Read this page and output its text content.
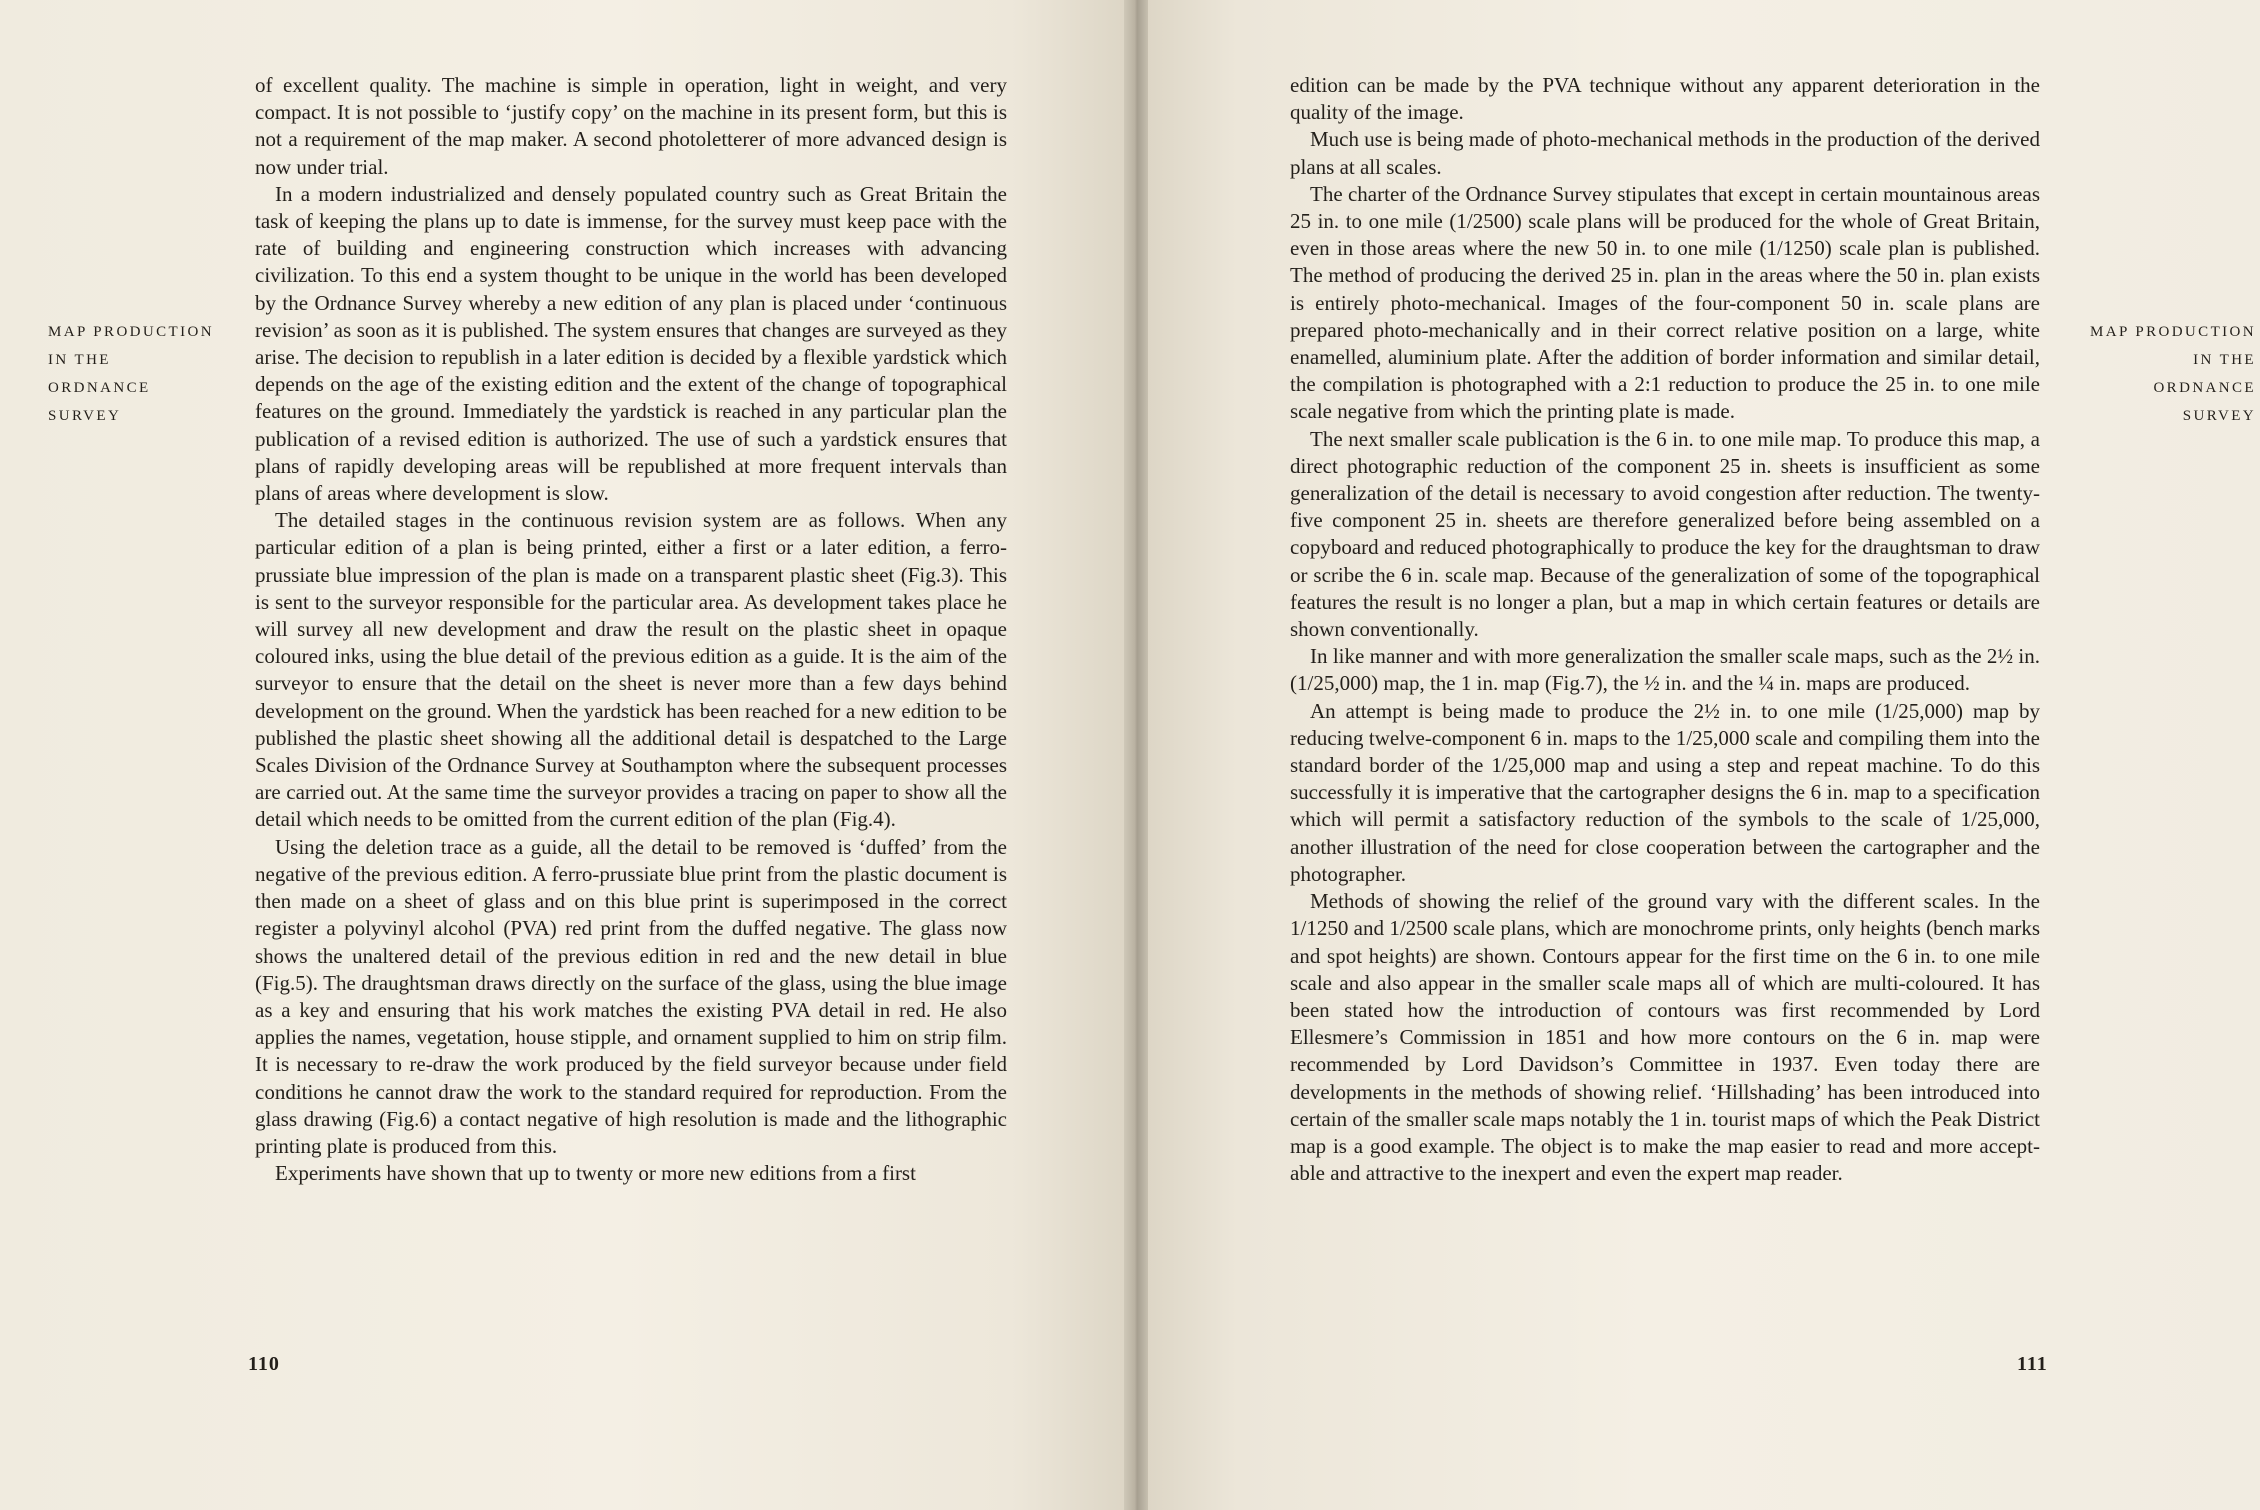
MAP PRODUCTION
IN THE
ORDNANCE
SURVEY

of excellent quality. The machine is simple in operation, light in weight, and very compact. It is not possible to ‘justify copy’ on the machine in its present form, but this is not a requirement of the map maker. A second photoletterer of more advanced design is now under trial.

In a modern industrialized and densely populated country such as Great Britain the task of keeping the plans up to date is immense, for the survey must keep pace with the rate of building and engineering construction which increases with advancing civilization. To this end a system thought to be unique in the world has been developed by the Ordnance Survey whereby a new edition of any plan is placed under ‘continuous revision’ as soon as it is published. The system ensures that changes are surveyed as they arise. The decision to republish in a later edition is decided by a flexible yardstick which depends on the age of the existing edition and the extent of the change of topographical features on the ground. Immediately the yardstick is reached in any particular plan the publication of a revised edition is authorized. The use of such a yardstick ensures that plans of rapidly developing areas will be republished at more frequent intervals than plans of areas where development is slow.

The detailed stages in the continuous revision system are as follows. When any particular edition of a plan is being printed, either a first or a later edition, a ferro-prussiate blue impression of the plan is made on a transparent plastic sheet (Fig.3). This is sent to the surveyor responsible for the particular area. As development takes place he will survey all new development and draw the result on the plastic sheet in opaque coloured inks, using the blue detail of the previous edition as a guide. It is the aim of the surveyor to ensure that the detail on the sheet is never more than a few days behind development on the ground. When the yardstick has been reached for a new edition to be published the plastic sheet showing all the additional detail is despatched to the Large Scales Division of the Ordnance Survey at Southampton where the subsequent processes are carried out. At the same time the surveyor provides a tracing on paper to show all the detail which needs to be omitted from the current edition of the plan (Fig.4).

Using the deletion trace as a guide, all the detail to be removed is ‘duffed’ from the negative of the previous edition. A ferro-prussiate blue print from the plastic document is then made on a sheet of glass and on this blue print is superimposed in the correct register a polyvinyl alcohol (PVA) red print from the duffed negative. The glass now shows the unaltered detail of the previous edition in red and the new detail in blue (Fig.5). The draughtsman draws directly on the surface of the glass, using the blue image as a key and ensuring that his work matches the existing PVA detail in red. He also applies the names, vegetation, house stipple, and ornament supplied to him on strip film. It is necessary to re-draw the work produced by the field surveyor because under field conditions he cannot draw the work to the standard required for reproduction. From the glass drawing (Fig.6) a contact negative of high resolution is made and the lithographic printing plate is produced from this.

Experiments have shown that up to twenty or more new editions from a first

110

edition can be made by the PVA technique without any apparent deterioration in the quality of the image.

Much use is being made of photo-mechanical methods in the production of the derived plans at all scales.

The charter of the Ordnance Survey stipulates that except in certain mountainous areas 25 in. to one mile (1/2500) scale plans will be produced for the whole of Great Britain, even in those areas where the new 50 in. to one mile (1/1250) scale plan is published. The method of producing the derived 25 in. plan in the areas where the 50 in. plan exists is entirely photo-mechanical. Images of the four-component 50 in. scale plans are prepared photo-mechanically and in their correct relative position on a large, white enamelled, aluminium plate. After the addition of border information and similar detail, the compilation is photographed with a 2:1 reduction to produce the 25 in. to one mile scale negative from which the printing plate is made.

The next smaller scale publication is the 6 in. to one mile map. To produce this map, a direct photographic reduction of the component 25 in. sheets is insufficient as some generalization of the detail is necessary to avoid congestion after reduction. The twenty-five component 25 in. sheets are therefore generalized before being assembled on a copyboard and reduced photographically to produce the key for the draughtsman to draw or scribe the 6 in. scale map. Because of the generalization of some of the topographical features the result is no longer a plan, but a map in which certain features or details are shown conventionally.

In like manner and with more generalization the smaller scale maps, such as the 2½ in. (1/25,000) map, the 1 in. map (Fig.7), the ½ in. and the ¼ in. maps are produced.

An attempt is being made to produce the 2½ in. to one mile (1/25,000) map by reducing twelve-component 6 in. maps to the 1/25,000 scale and compiling them into the standard border of the 1/25,000 map and using a step and repeat machine. To do this successfully it is imperative that the cartographer designs the 6 in. map to a specification which will permit a satisfactory reduction of the symbols to the scale of 1/25,000, another illustration of the need for close cooperation between the cartographer and the photographer.

Methods of showing the relief of the ground vary with the different scales. In the 1/1250 and 1/2500 scale plans, which are monochrome prints, only heights (bench marks and spot heights) are shown. Contours appear for the first time on the 6 in. to one mile scale and also appear in the smaller scale maps all of which are multi-coloured. It has been stated how the introduction of contours was first recommended by Lord Ellesmere’s Commission in 1851 and how more contours on the 6 in. map were recommended by Lord Davidson’s Committee in 1937. Even today there are developments in the methods of showing relief. ‘Hillshading’ has been introduced into certain of the smaller scale maps notably the 1 in. tourist maps of which the Peak District map is a good example. The object is to make the map easier to read and more acceptable and attractive to the inexpert and even the expert map reader.

MAP PRODUCTION
IN THE
ORDNANCE
SURVEY
111
